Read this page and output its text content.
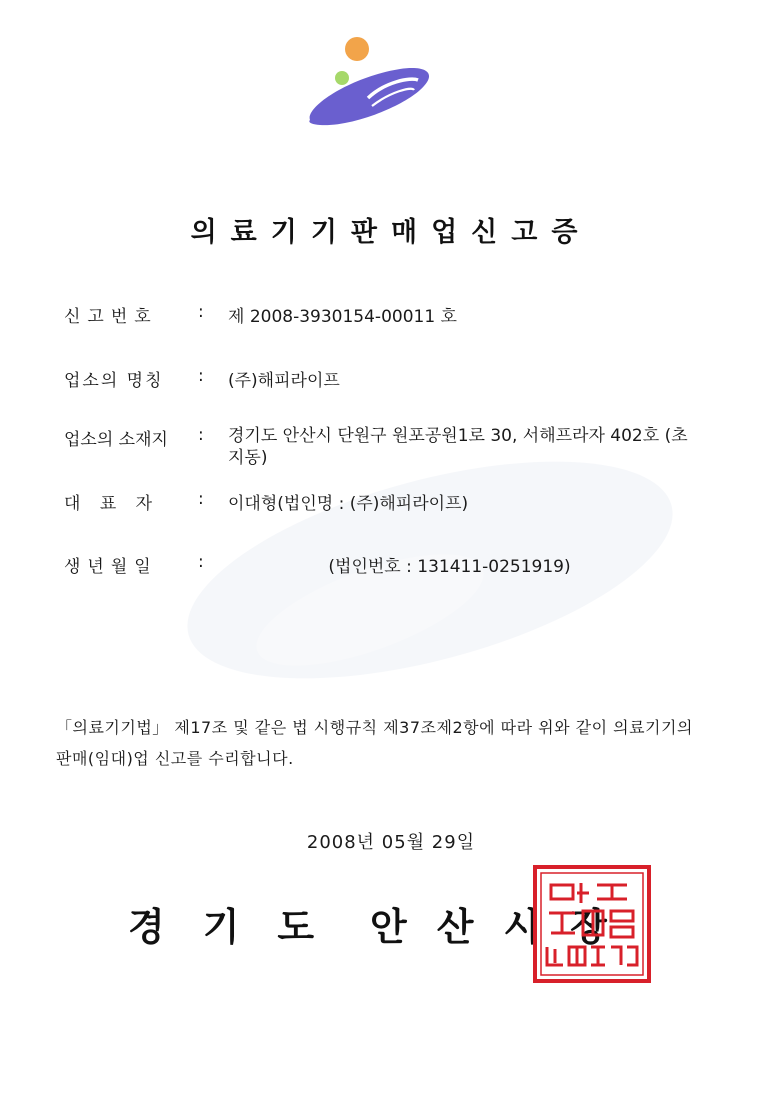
의료기기판매업신고증
신고번호 : 제 2008-3930154-00011 호
업소의 명칭 : (주)해피라이프
업소의 소재지 : 경기도 안산시 단원구 원포공원1로 30, 서해프라자 402호 (초지동)
대 표 자 : 이대형(법인명 : (주)해피라이프)
생년월일 :	(법인번호 : 131411-0251919)
「의료기기법」 제17조 및 같은 법 시행규칙 제37조제2항에 따라 위와 같이 의료기기의 판매(임대)업 신고를 수리합니다.
2008년 05월 29일
경기도 안산시장
